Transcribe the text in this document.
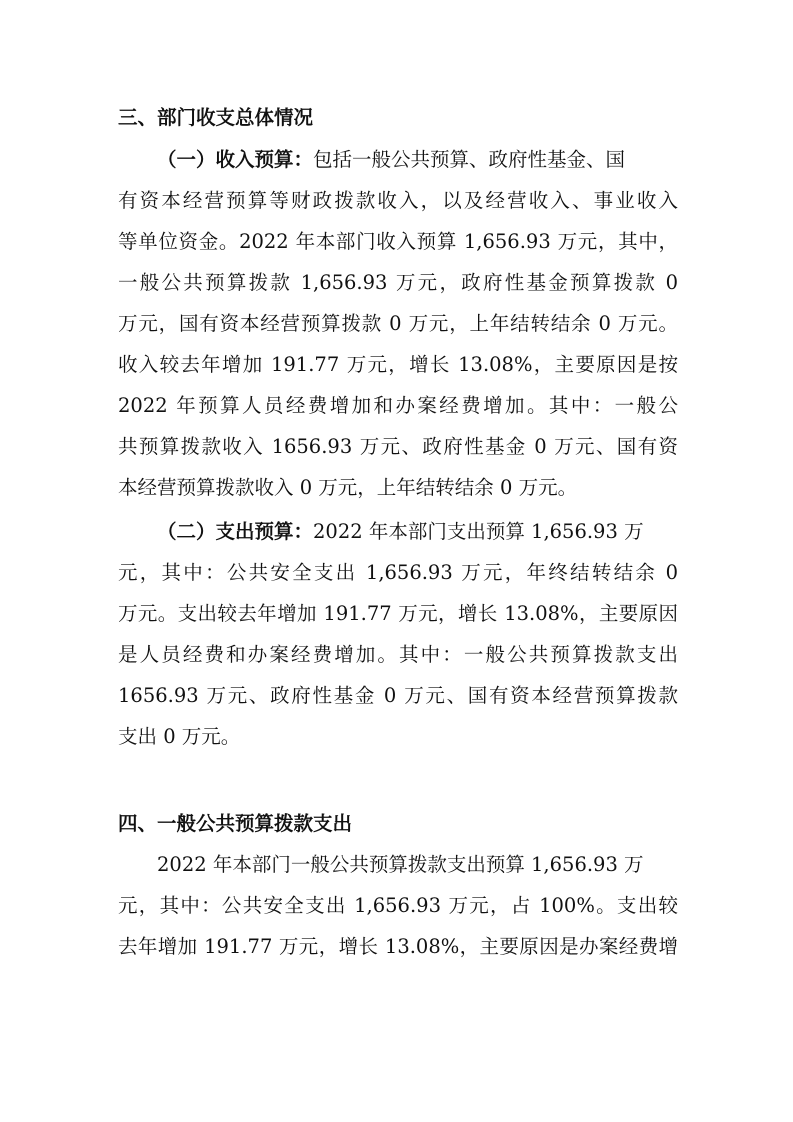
三、部门收支总体情况
（一）收入预算：包括一般公共预算、政府性基金、国
有资本经营预算等财政拨款收入，以及经营收入、事业收入
等单位资金。2022 年本部门收入预算 1,656.93 万元，其中，
一般公共预算拨款 1,656.93 万元，政府性基金预算拨款 0
万元，国有资本经营预算拨款 0 万元，上年结转结余 0 万元。
收入较去年增加 191.77 万元，增长 13.08%，主要原因是按
2022 年预算人员经费增加和办案经费增加。其中：一般公
共预算拨款收入 1656.93 万元、政府性基金 0 万元、国有资
本经营预算拨款收入 0 万元，上年结转结余 0 万元。
（二）支出预算：2022 年本部门支出预算 1,656.93 万
元，其中：公共安全支出 1,656.93 万元，年终结转结余 0
万元。支出较去年增加 191.77 万元，增长 13.08%，主要原因
是人员经费和办案经费增加。其中：一般公共预算拨款支出
1656.93 万元、政府性基金 0 万元、国有资本经营预算拨款
支出 0 万元。
四、一般公共预算拨款支出
2022 年本部门一般公共预算拨款支出预算 1,656.93 万
元，其中：公共安全支出 1,656.93 万元，占 100%。支出较
去年增加 191.77 万元，增长 13.08%，主要原因是办案经费增
